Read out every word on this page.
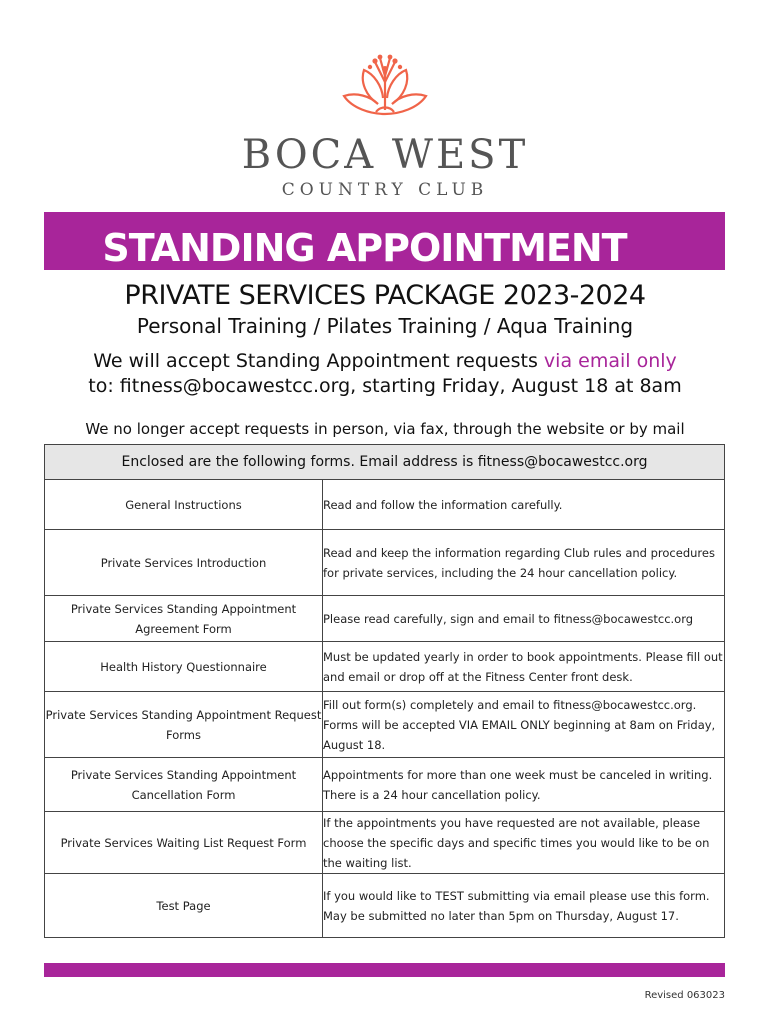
BOCA WEST
COUNTRY CLUB
STANDING APPOINTMENT
PRIVATE SERVICES PACKAGE 2023-2024
Personal Training / Pilates Training / Aqua Training
We will accept Standing Appointment requests via email only
to: fitness@bocawestcc.org, starting Friday, August 18 at 8am
We no longer accept requests in person, via fax, through the website or by mail
Enclosed are the following forms. Email address is fitness@bocawestcc.org	
General Instructions	Read and follow the information carefully.
Private Services Introduction	Read and keep the information regarding Club rules and procedures for private services, including the 24 hour cancellation policy.
Private Services Standing Appointment Agreement Form	Please read carefully, sign and email to fitness@bocawestcc.org
Health History Questionnaire	Must be updated yearly in order to book appointments. Please fill out and email or drop off at the Fitness Center front desk.
Private Services Standing Appointment Request Forms	Fill out form(s) completely and email to fitness@bocawestcc.org. Forms will be accepted VIA EMAIL ONLY beginning at 8am on Friday, August 18.
Private Services Standing Appointment Cancellation Form	Appointments for more than one week must be canceled in writing. There is a 24 hour cancellation policy.
Private Services Waiting List Request Form	If the appointments you have requested are not available, please choose the specific days and specific times you would like to be on the waiting list.
Test Page	If you would like to TEST submitting via email please use this form. May be submitted no later than 5pm on Thursday, August 17.
Revised 063023
